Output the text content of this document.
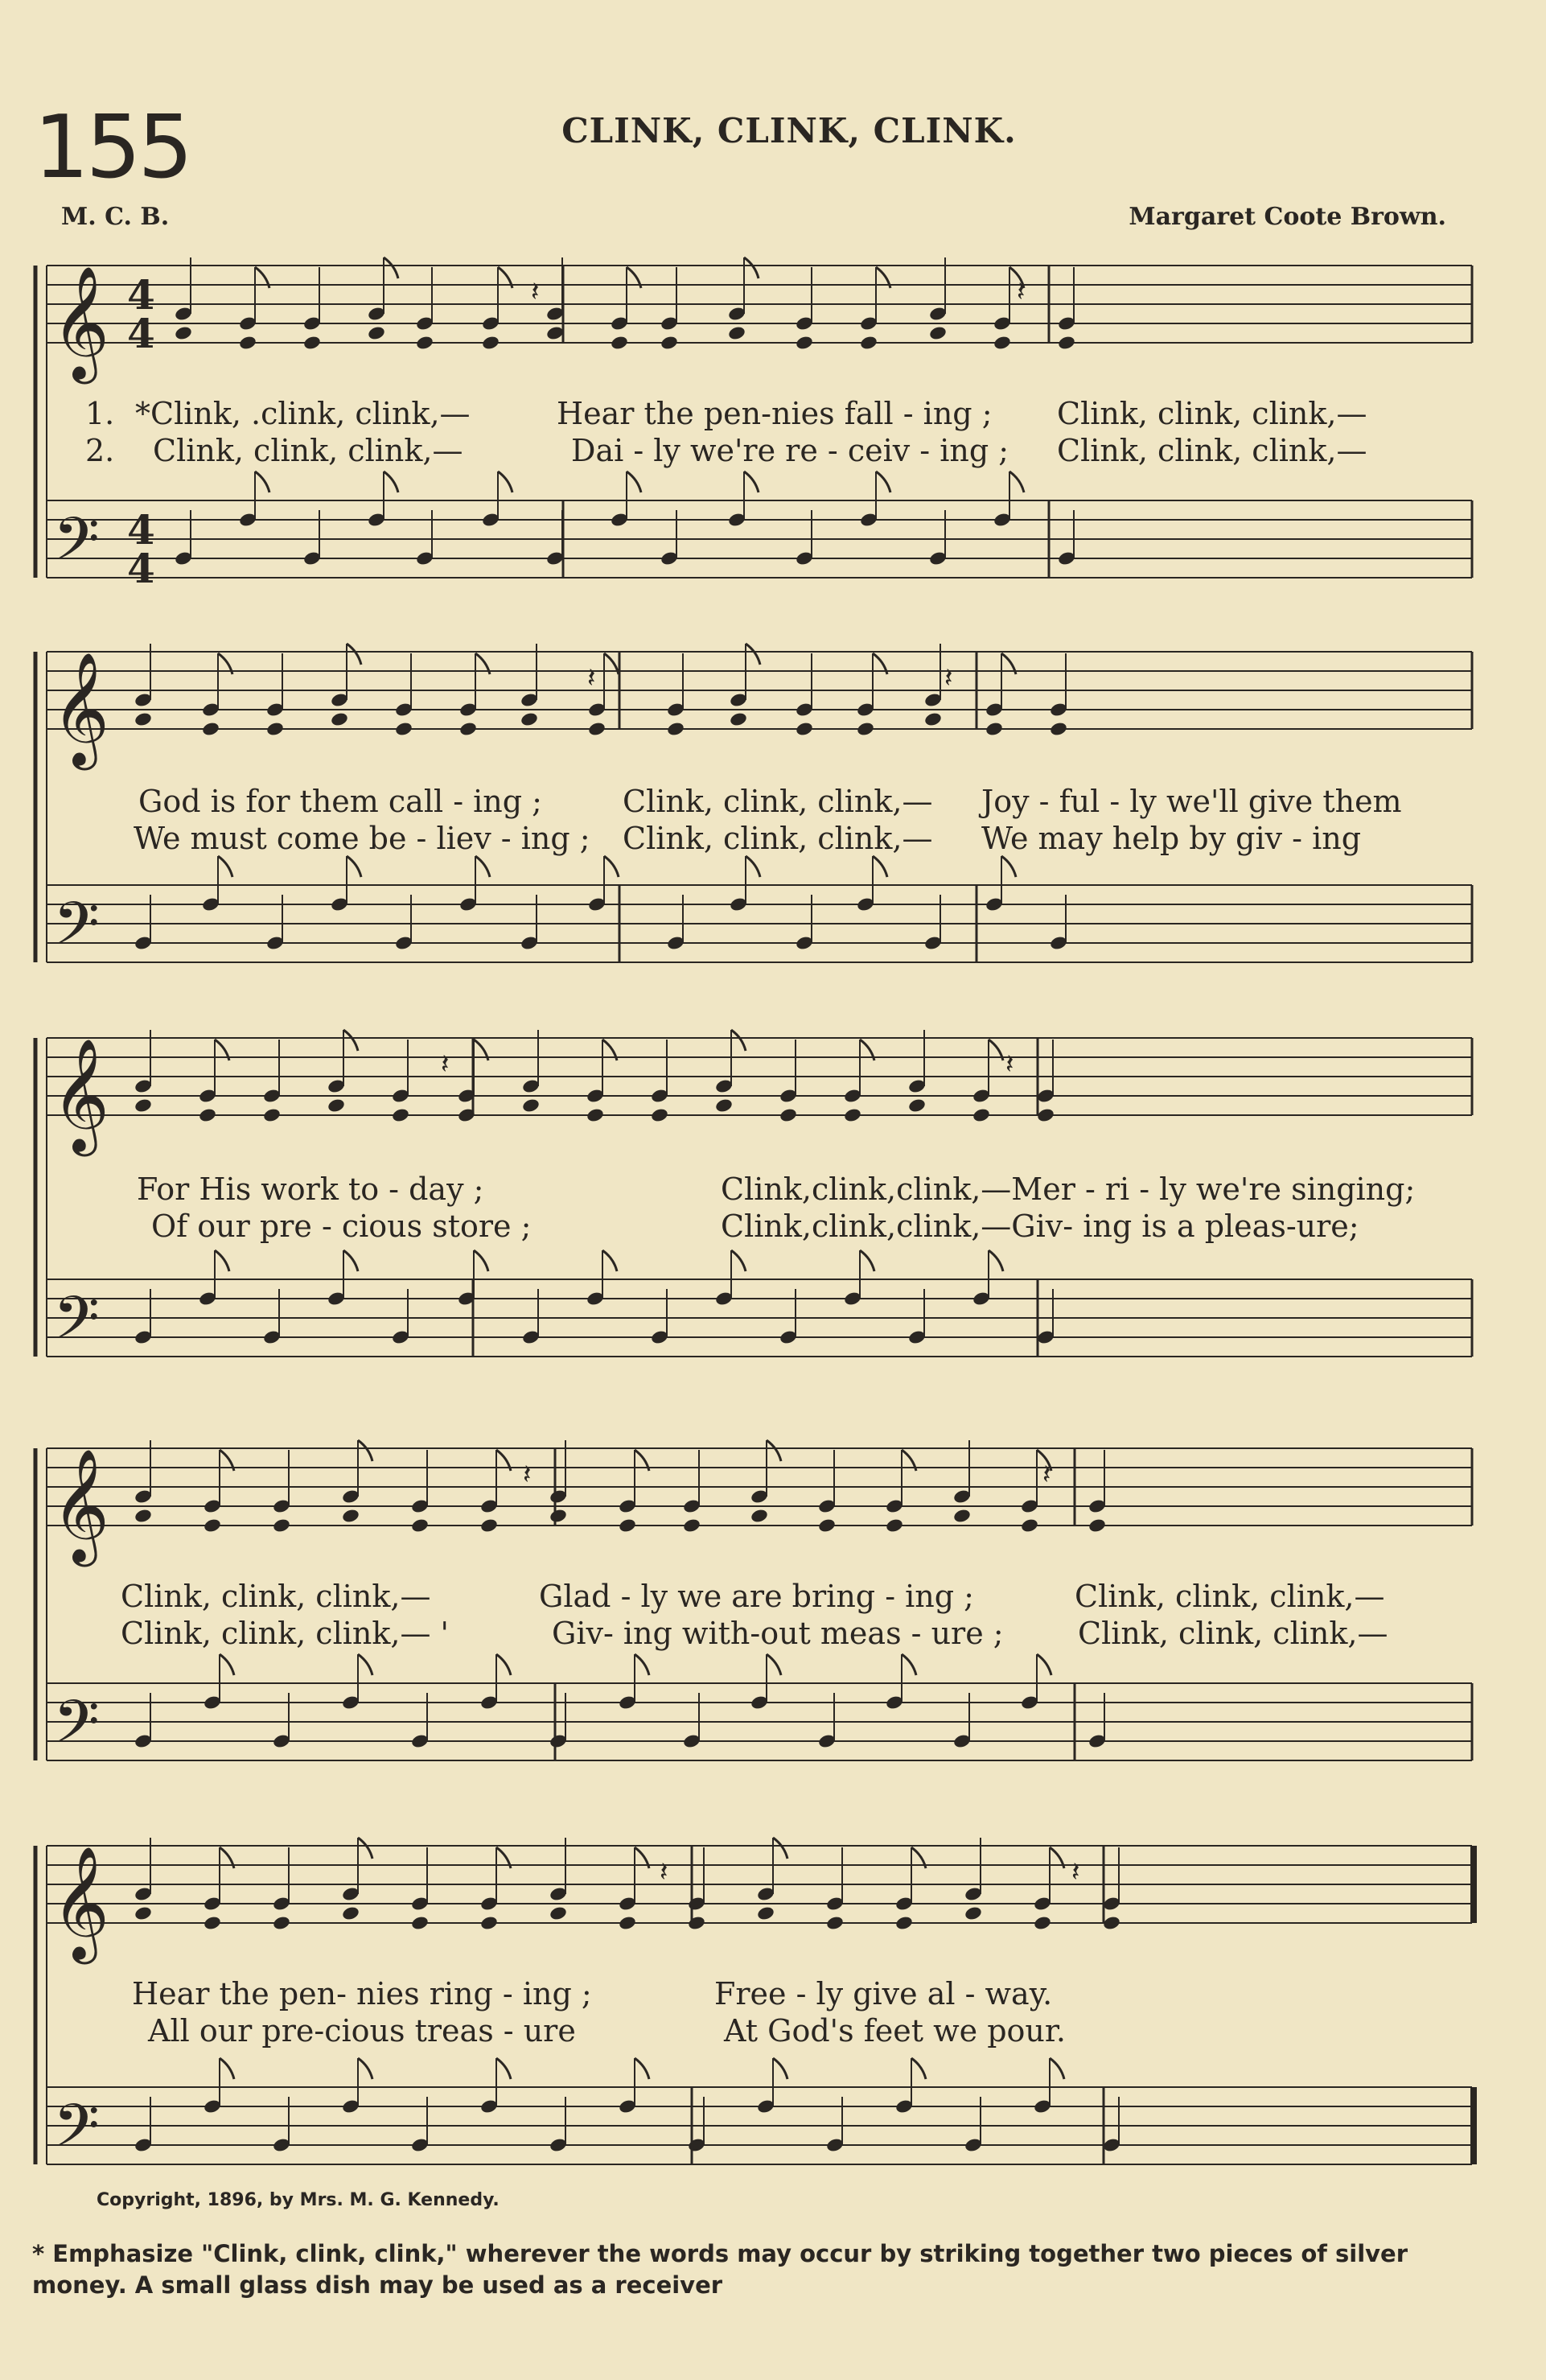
155	CLINK, CLINK, CLINK.
M. C. B.	Margaret Coote Brown.
𝄞
𝄢
4
4
4
4
𝄽	𝄽
𝄞
𝄢
𝄽	𝄽
𝄞
𝄢
𝄽	𝄽
𝄞
𝄢
𝄽	𝄽
𝄞
𝄢
𝄽	𝄽
1. *Clink, .clink, clink,—	Hear the pen-nies fall - ing ; Clink, clink, clink,—
2. Clink, clink, clink,—	Dai - ly we're re - ceiv - ing ; Clink, clink, clink,—
God is for them call - ing ;	Clink, clink, clink,— Joy - ful - ly we'll give them
We must come be - liev - ing ; Clink, clink, clink,— We may help by giv - ing
For His work to - day ;	Clink,clink,clink,—Mer - ri - ly we're singing;
Of our pre - cious store ;	Clink,clink,clink,—Giv- ing is a pleas-ure;
Clink, clink, clink,—	Glad - ly we are bring - ing ;	Clink, clink, clink,—
Clink, clink, clink,— '	Giv- ing with-out meas - ure ; Clink, clink, clink,—
Hear the pen- nies ring - ing ;	Free - ly give al - way.
All our pre-cious treas - ure	At God's feet we pour.
Copyright, 1896, by Mrs. M. G. Kennedy.
* Emphasize "Clink, clink, clink," wherever the words may occur by striking together two pieces of silver money. A small glass dish may be used as a receiver
